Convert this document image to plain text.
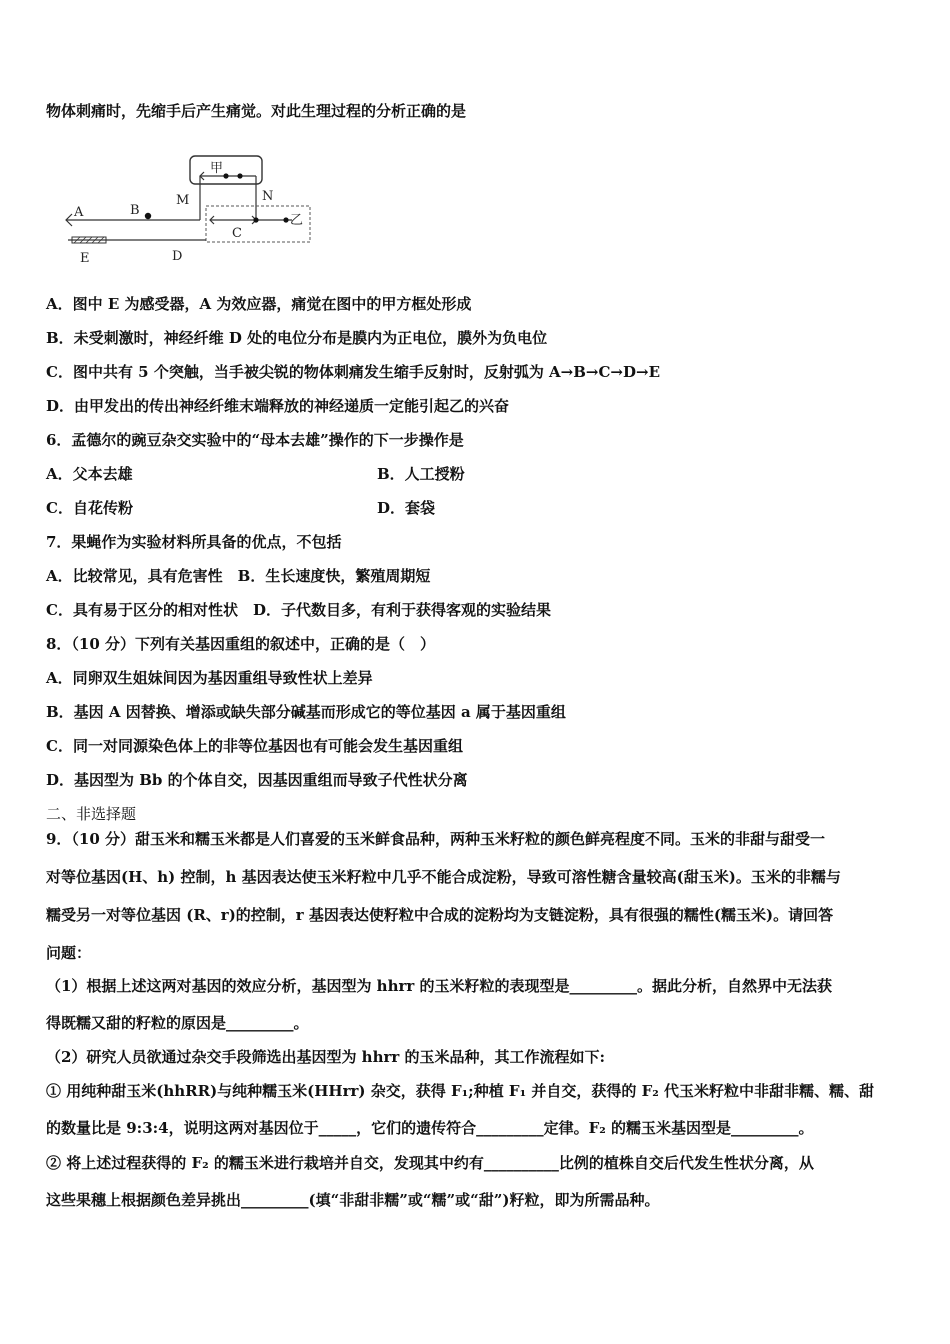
物体刺痛时，先缩手后产生痛觉。对此生理过程的分析正确的是
甲
M	N
乙
C
A	B
E	D
A．图中 E 为感受器，A 为效应器，痛觉在图中的甲方框处形成
B．未受刺激时，神经纤维 D 处的电位分布是膜内为正电位，膜外为负电位
C．图中共有 5 个突触，当手被尖锐的物体刺痛发生缩手反射时，反射弧为 A→B→C→D→E
D．由甲发出的传出神经纤维末端释放的神经递质一定能引起乙的兴奋
6．孟德尔的豌豆杂交实验中的“母本去雄”操作的下一步操作是
A．父本去雄	B．人工授粉
C．自花传粉	D．套袋
7．果蝇作为实验材料所具备的优点，不包括
A．比较常见，具有危害性　B．生长速度快，繁殖周期短
C．具有易于区分的相对性状　D．子代数目多，有利于获得客观的实验结果
8．（10 分）下列有关基因重组的叙述中，正确的是（　）
A．同卵双生姐妹间因为基因重组导致性状上差异
B．基因 A 因替换、增添或缺失部分碱基而形成它的等位基因 a 属于基因重组
C．同一对同源染色体上的非等位基因也有可能会发生基因重组
D．基因型为 Bb 的个体自交，因基因重组而导致子代性状分离
二、非选择题
9．（10 分）甜玉米和糯玉米都是人们喜爱的玉米鲜食品种，两种玉米籽粒的颜色鲜亮程度不同。玉米的非甜与甜受一
对等位基因(H、h) 控制，h 基因表达使玉米籽粒中几乎不能合成淀粉，导致可溶性糖含量较高(甜玉米)。玉米的非糯与
糯受另一对等位基因 (R、r)的控制，r 基因表达使籽粒中合成的淀粉均为支链淀粉，具有很强的糯性(糯玉米)。请回答
问题：
（1）根据上述这两对基因的效应分析，基因型为 hhrr 的玉米籽粒的表现型是_________。据此分析，自然界中无法获
得既糯又甜的籽粒的原因是_________。
（2）研究人员欲通过杂交手段筛选出基因型为 hhrr 的玉米品种，其工作流程如下:
① 用纯种甜玉米(hhRR)与纯种糯玉米(HHrr) 杂交，获得 F₁;种植 F₁ 并自交，获得的 F₂ 代玉米籽粒中非甜非糯、糯、甜
的数量比是 9:3:4，说明这两对基因位于_____，它们的遗传符合_________定律。F₂ 的糯玉米基因型是_________。
② 将上述过程获得的 F₂ 的糯玉米进行栽培并自交，发现其中约有__________比例的植株自交后代发生性状分离，从
这些果穗上根据颜色差异挑出_________(填“非甜非糯”或“糯”或“甜”)籽粒，即为所需品种。
